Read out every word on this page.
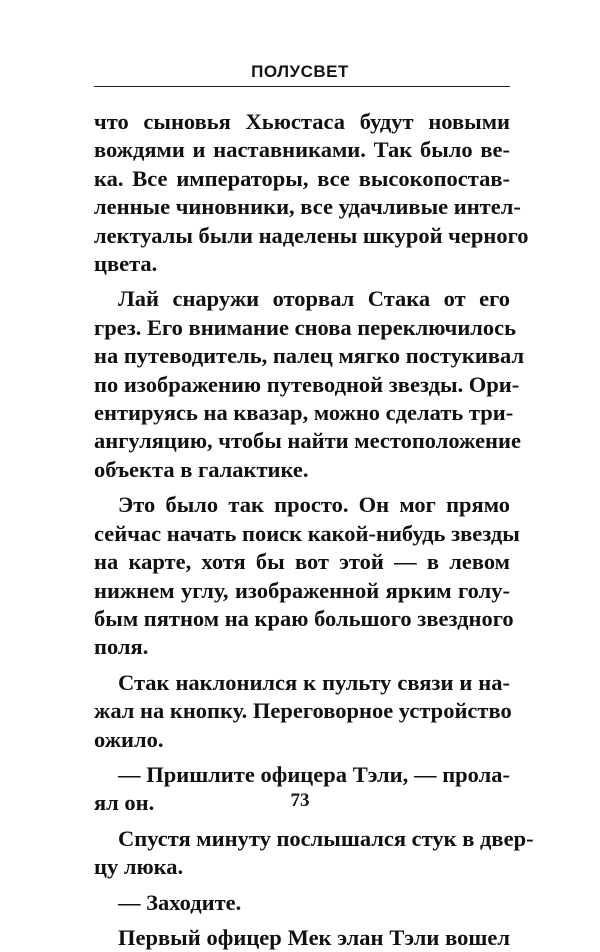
ПОЛУСВЕТ
что сыновья Хьюстаса будут новыми
вождями и наставниками. Так было ве-
ка. Все императоры, все высокопостав-
ленные чиновники, все удачливые интел-
лектуалы были наделены шкурой черного
цвета.
Лай снаружи оторвал Стака от его
грез. Его внимание снова переключилось
на путеводитель, палец мягко постукивал
по изображению путеводной звезды. Ори-
ентируясь на квазар, можно сделать три-
ангуляцию, чтобы найти местоположение
объекта в галактике.
Это было так просто. Он мог прямо
сейчас начать поиск какой-нибудь звезды
на карте, хотя бы вот этой — в левом
нижнем углу, изображенной ярким голу-
бым пятном на краю большого звездного
поля.
Стак наклонился к пульту связи и на-
жал на кнопку. Переговорное устройство
ожило.
— Пришлите офицера Тэли, — прола-
ял он.
Спустя минуту послышался стук в двер-
цу люка.
— Заходите.
Первый офицер Мек элан Тэли вошел
73
